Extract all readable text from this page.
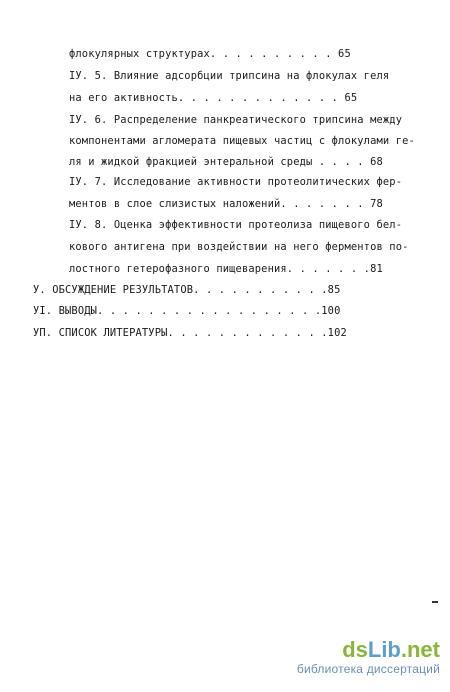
флокулярных структурах. . . . . . . . . . 65
ІУ. 5. Влияние адсорбции трипсина на флокулах геля
на его активность. . . . . . . . . . . . . 65
ІУ. 6. Распределение панкреатического трипсина между
компонентами агломерата пищевых частиц с флокулами ге-
ля и жидкой фракцией энтеральной среды . . . . 68
ІУ. 7. Исследование активности протеолитических фер-
ментов в слое слизистых наложений. . . . . . . 78
ІУ. 8. Оценка эффективности протеолиза пищевого бел-
кового антигена при воздействии на него ферментов по-
лостного гетерофазного пищеварения. . . . . . .81
У. ОБСУЖДЕНИЕ РЕЗУЛЬТАТОВ. . . . . . . . . . .85
УІ. ВЫВОДЫ. . . . . . . . . . . . . . . . . .100
УП. СПИСОК ЛИТЕРАТУРЫ. . . . . . . . . . . . .102
dsLib.net
библиотека диссертаций
